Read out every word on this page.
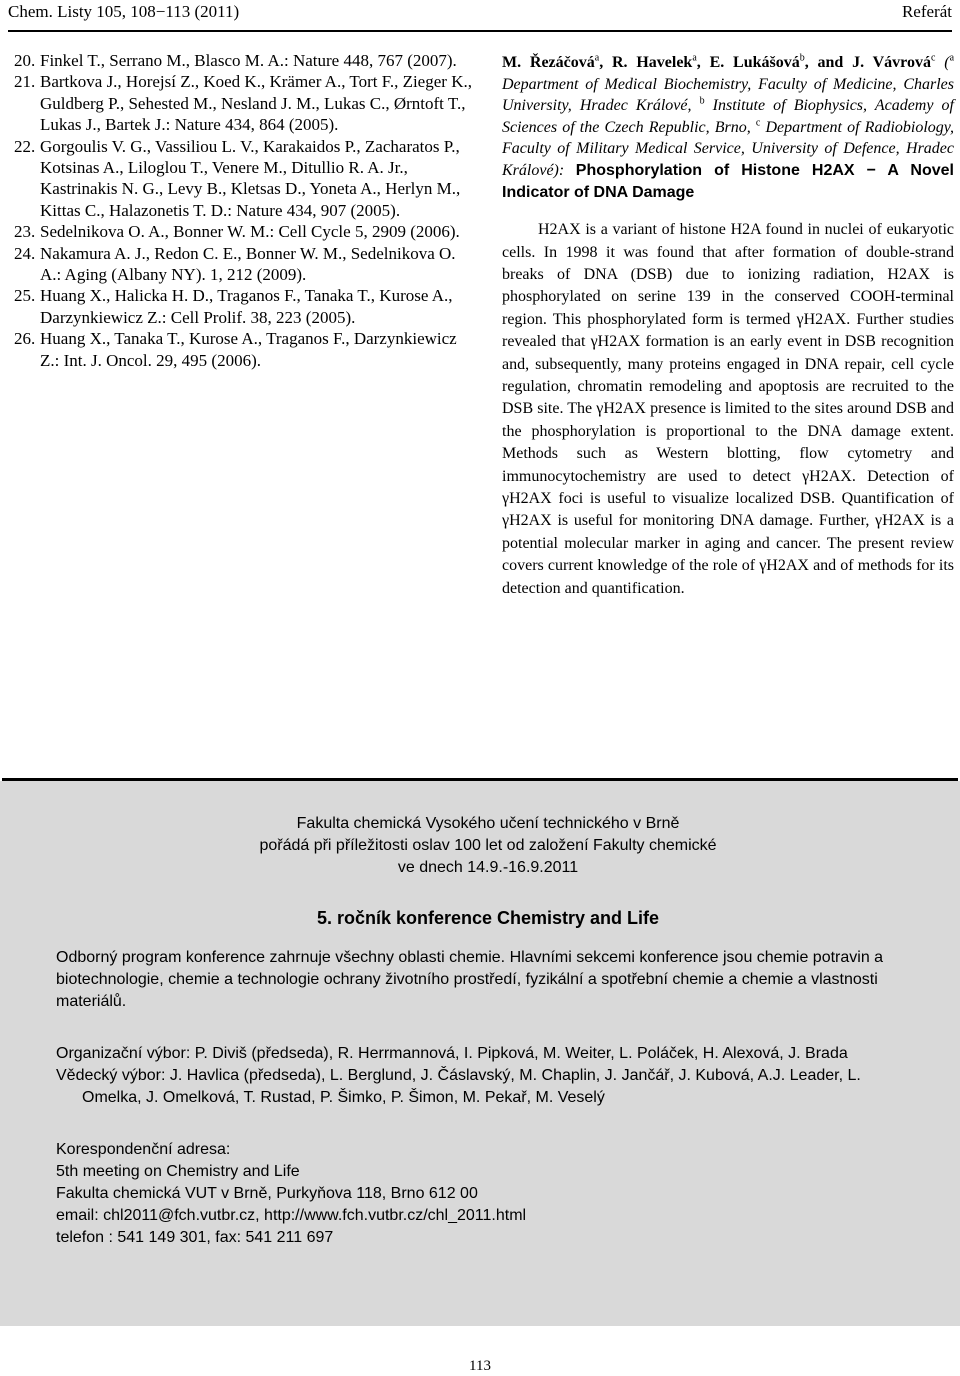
Chem. Listy 105, 108−113 (2011)	Referát
20. Finkel T., Serrano M., Blasco M. A.: Nature 448, 767 (2007).
21. Bartkova J., Horejsí Z., Koed K., Krämer A., Tort F., Zieger K., Guldberg P., Sehested M., Nesland J. M., Lukas C., Ørntoft T., Lukas J., Bartek J.: Nature 434, 864 (2005).
22. Gorgoulis V. G., Vassiliou L. V., Karakaidos P., Zacharatos P., Kotsinas A., Liloglou T., Venere M., Ditullio R. A. Jr., Kastrinakis N. G., Levy B., Kletsas D., Yoneta A., Herlyn M., Kittas C., Halazonetis T. D.: Nature 434, 907 (2005).
23. Sedelnikova O. A., Bonner W. M.: Cell Cycle 5, 2909 (2006).
24. Nakamura A. J., Redon C. E., Bonner W. M., Sedelnikova O. A.: Aging (Albany NY). 1, 212 (2009).
25. Huang X., Halicka H. D., Traganos F., Tanaka T., Kurose A., Darzynkiewicz Z.: Cell Prolif. 38, 223 (2005).
26. Huang X., Tanaka T., Kurose A., Traganos F., Darzynkiewicz Z.: Int. J. Oncol. 29, 495 (2006).
M. Řezáčová$^a$, R. Havelek$^a$, E. Lukášová$^b$, and J. Vávrová$^c$ ($^a$ Department of Medical Biochemistry, Faculty of Medicine, Charles University, Hradec Králové, $^b$ Institute of Biophysics, Academy of Sciences of the Czech Republic, Brno, $^c$ Department of Radiobiology, Faculty of Military Medical Service, University of Defence, Hradec Králové): Phosphorylation of Histone H2AX − A Novel Indicator of DNA Damage
H2AX is a variant of histone H2A found in nuclei of eukaryotic cells. In 1998 it was found that after formation of double-strand breaks of DNA (DSB) due to ionizing radiation, H2AX is phosphorylated on serine 139 in the conserved COOH-terminal region. This phosphorylated form is termed γH2AX. Further studies revealed that γH2AX formation is an early event in DSB recognition and, subsequently, many proteins engaged in DNA repair, cell cycle regulation, chromatin remodeling and apoptosis are recruited to the DSB site. The γH2AX presence is limited to the sites around DSB and the phosphorylation is proportional to the DNA damage extent. Methods such as Western blotting, flow cytometry and immunocytochemistry are used to detect γH2AX. Detection of γH2AX foci is useful to visualize localized DSB. Quantification of γH2AX is useful for monitoring DNA damage. Further, γH2AX is a potential molecular marker in aging and cancer. The present review covers current knowledge of the role of γH2AX and of methods for its detection and quantification.
Fakulta chemická Vysokého učení technického v Brně
pořádá při příležitosti oslav 100 let od založení Fakulty chemické
ve dnech 14.9.-16.9.2011
5. ročník konference Chemistry and Life
Odborný program konference zahrnuje všechny oblasti chemie. Hlavními sekcemi konference jsou chemie potravin a biotechnologie, chemie a technologie ochrany životního prostředí, fyzikální a spotřební chemie a chemie a vlastnosti materiálů.
Organizační výbor: P. Diviš (předseda), R. Herrmannová, I. Pipková, M. Weiter, L. Poláček, H. Alexová, J. Brada
Vědecký výbor: J. Havlica (předseda), L. Berglund, J. Čáslavský, M. Chaplin, J. Jančář, J. Kubová, A.J. Leader, L. Omelka, J. Omelková, T. Rustad, P. Šimko, P. Šimon, M. Pekař, M. Veselý
Korespondenční adresa:
5th meeting on Chemistry and Life
Fakulta chemická VUT v Brně, Purkyňova 118, Brno 612 00
email: chl2011@fch.vutbr.cz, http://www.fch.vutbr.cz/chl_2011.html
telefon : 541 149 301, fax: 541 211 697
113
